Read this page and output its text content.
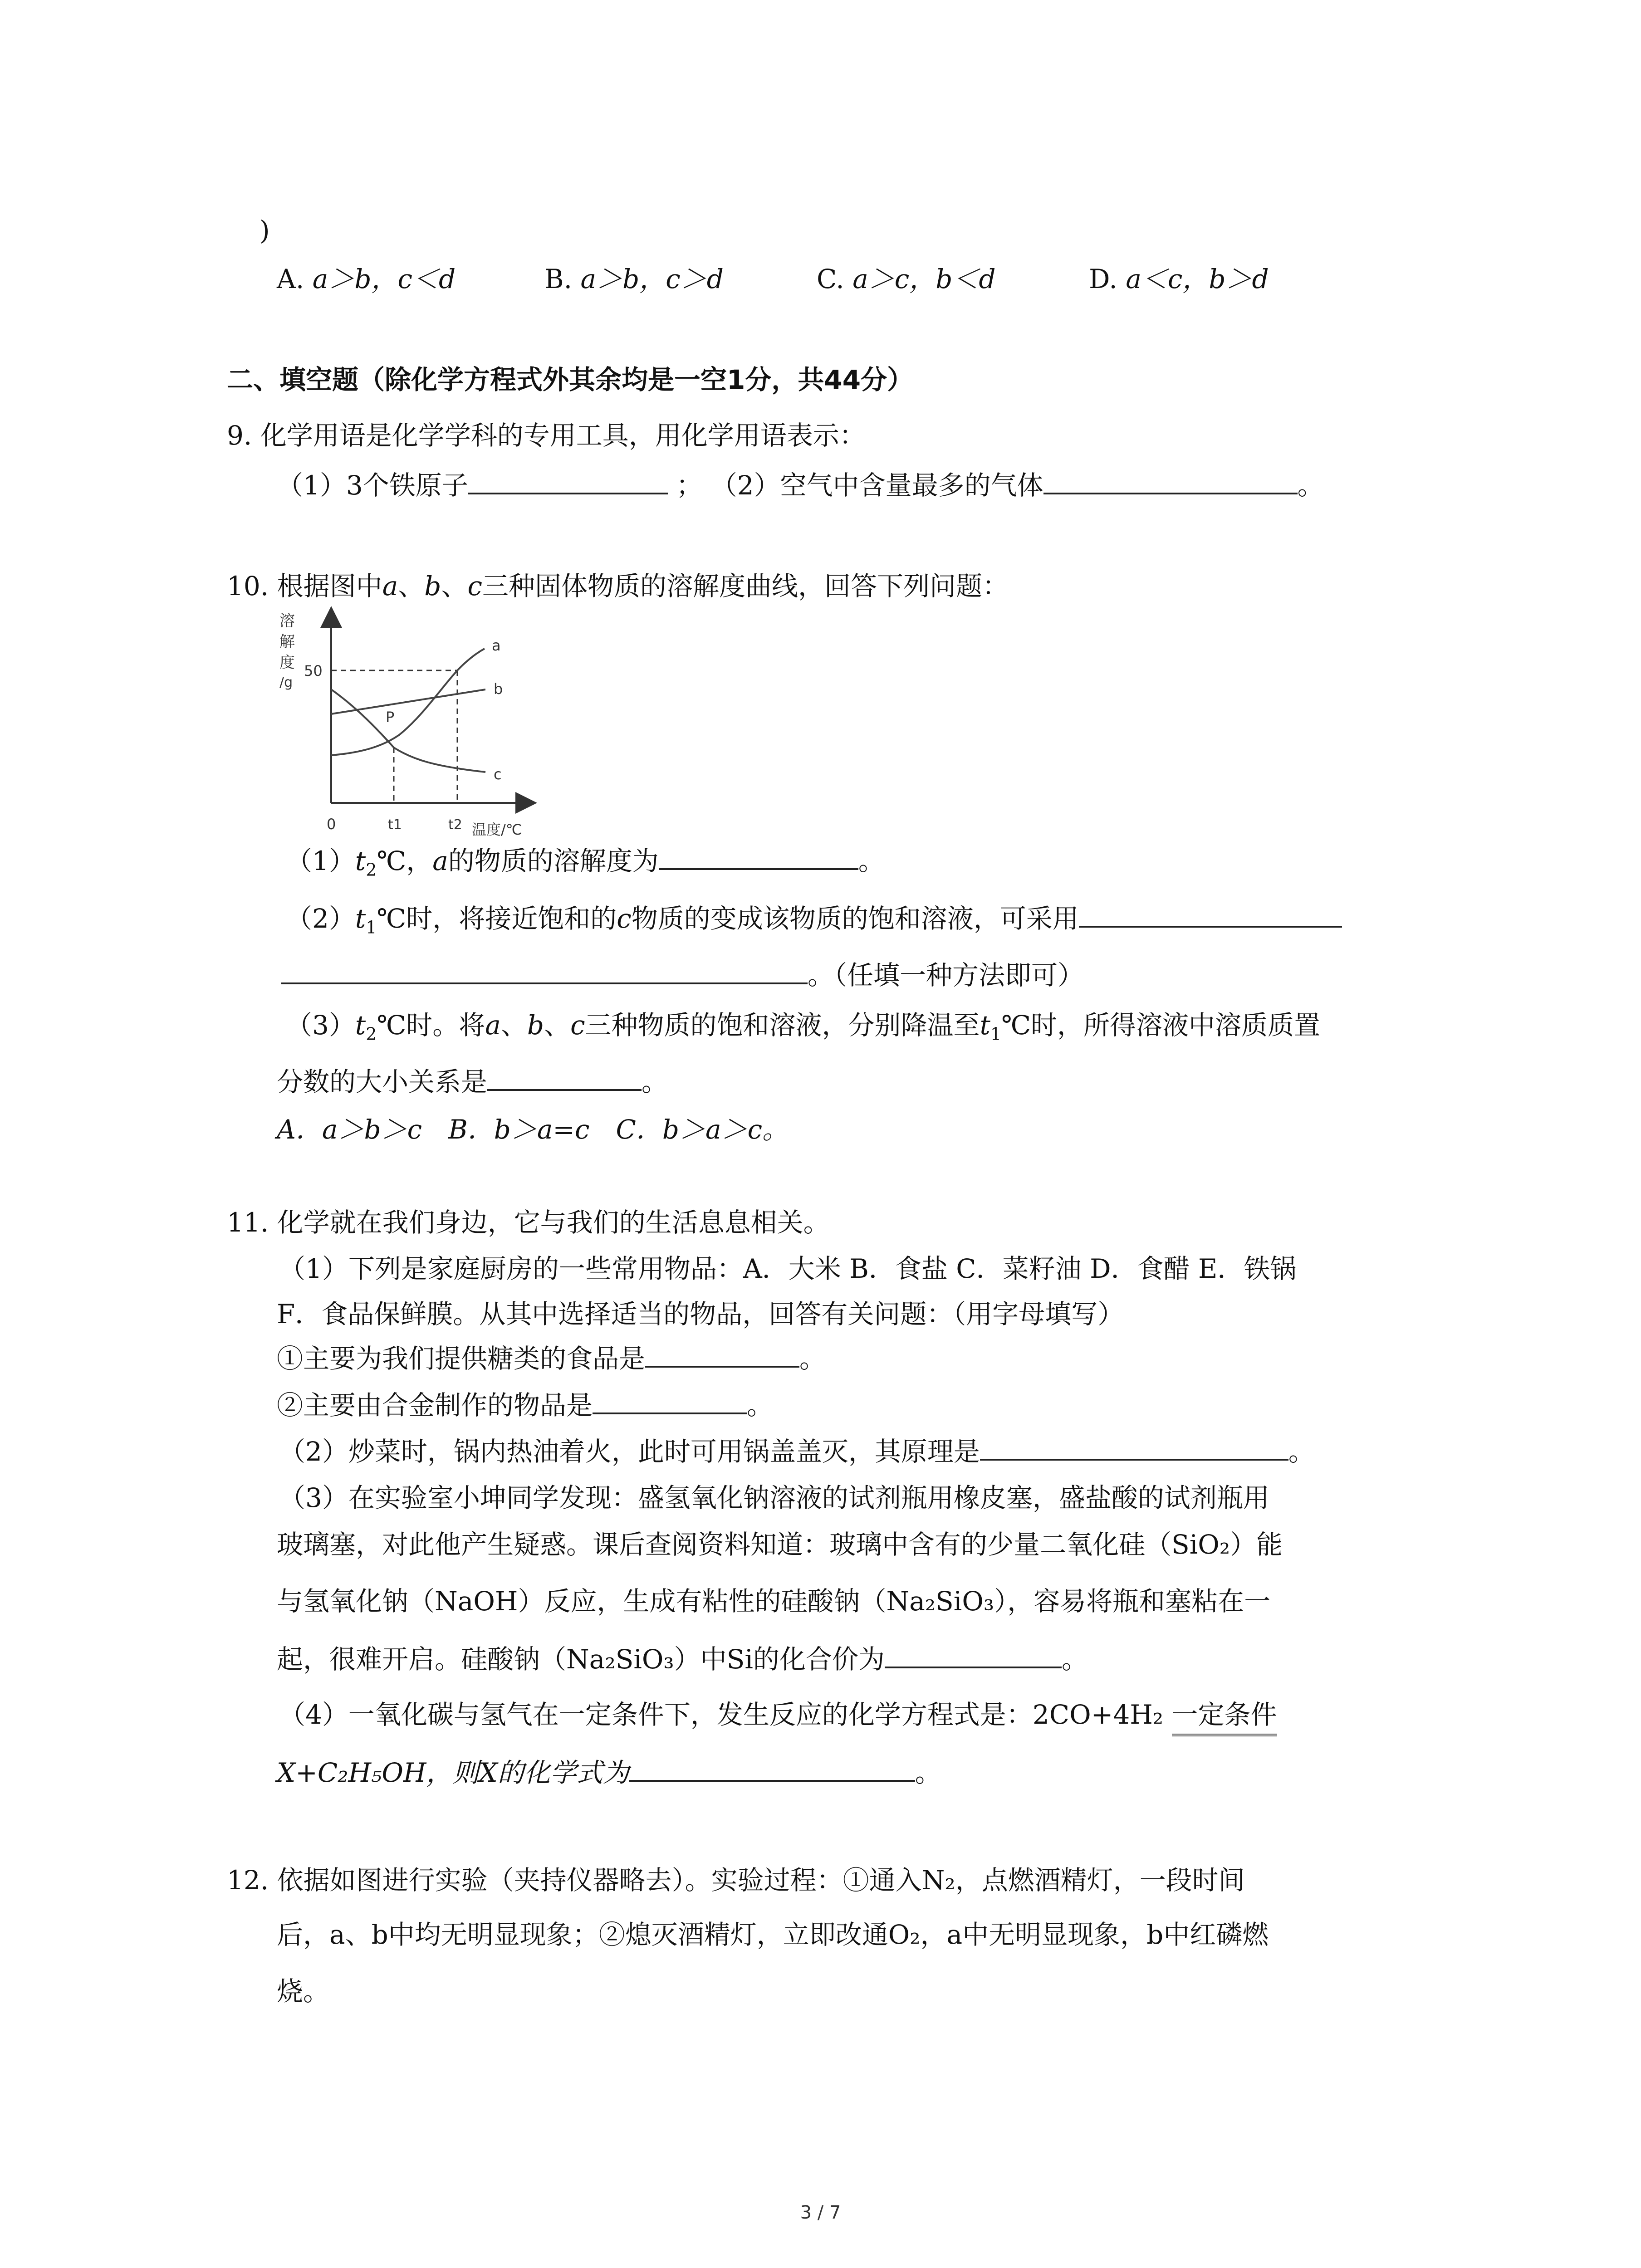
)
A. a＞b，c＜d	B. a＞b，c＞d	C. a＞c，b＜d	D. a＜c，b＞d
二、填空题（除化学方程式外其余均是一空1分，共44分）
9. 化学用语是化学学科的专用工具，用化学用语表示：
（1）3个铁原子	； （2）空气中含量最多的气体	。
10. 根据图中a、b、c三种固体物质的溶解度曲线，回答下列问题：
溶
解
度
/g
a
b
c
P
50
0	t1	t2 温度/℃
$(1)t_2℃$，a的物质的溶解度为	。
$(2)t_1℃$时，将接近饱和的c物质的变成该物质的饱和溶液，可采用
。（任填一种方法即可）
$(3)t_2℃$时。将a、b、c三种物质的饱和溶液，分别降温至$t_1℃$时，所得溶液中溶质质置
分数的大小关系是	。
A．a＞b＞c　B．b＞a=c　C．b＞a＞c。
11. 化学就在我们身边，它与我们的生活息息相关。
（1）下列是家庭厨房的一些常用物品：A．大米 B．食盐 C．菜籽油 D．食醋 E．铁锅
F．食品保鲜膜。从其中选择适当的物品，回答有关问题：（用字母填写）
①主要为我们提供糖类的食品是	。
②主要由合金制作的物品是	。
（2）炒菜时，锅内热油着火，此时可用锅盖盖灭，其原理是	。
（3）在实验室小坤同学发现：盛氢氧化钠溶液的试剂瓶用橡皮塞，盛盐酸的试剂瓶用
玻璃塞，对此他产生疑惑。课后查阅资料知道：玻璃中含有的少量二氧化硅（SiO₂）能
与氢氧化钠（NaOH）反应，生成有粘性的硅酸钠（Na₂SiO₃），容易将瓶和塞粘在一
起，很难开启。硅酸钠（Na₂SiO₃）中Si的化合价为	。
（4）一氧化碳与氢气在一定条件下，发生反应的化学方程式是：2CO+4H₂ 一定条件
X+C₂H₅OH，则X的化学式为	。
12. 依据如图进行实验（夹持仪器略去）。实验过程：①通入N₂，点燃酒精灯，一段时间
后，a、b中均无明显现象；②熄灭酒精灯，立即改通O₂，a中无明显现象，b中红磷燃
烧。
3 / 7
